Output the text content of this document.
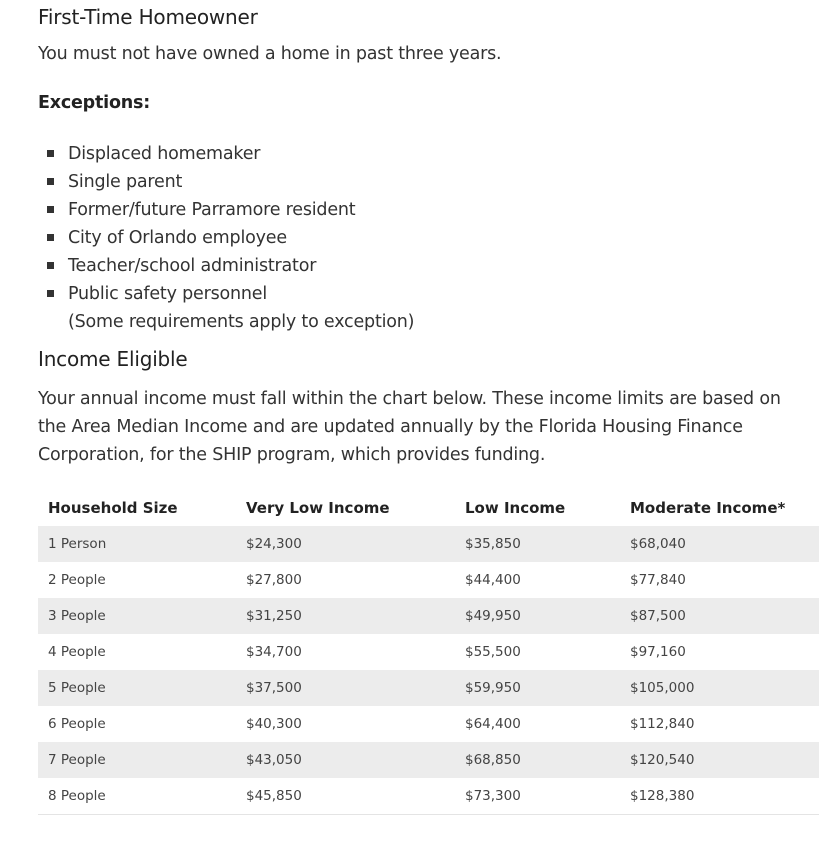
First-Time Homeowner

You must not have owned a home in past three years.

Exceptions:
Displaced homemaker
Single parent
Former/future Parramore resident
City of Orlando employee
Teacher/school administrator
Public safety personnel
(Some requirements apply to exception)
Income Eligible

Your annual income must fall within the chart below. These income limits are based on the Area Median Income and are updated annually by the Florida Housing Finance Corporation, for the SHIP program, which provides funding.

Household Size	Very Low Income	Low Income	Moderate Income*
1 Person	$24,300	$35,850	$68,040
2 People	$27,800	$44,400	$77,840
3 People	$31,250	$49,950	$87,500
4 People	$34,700	$55,500	$97,160
5 People	$37,500	$59,950	$105,000
6 People	$40,300	$64,400	$112,840
7 People	$43,050	$68,850	$120,540
8 People	$45,850	$73,300	$128,380
